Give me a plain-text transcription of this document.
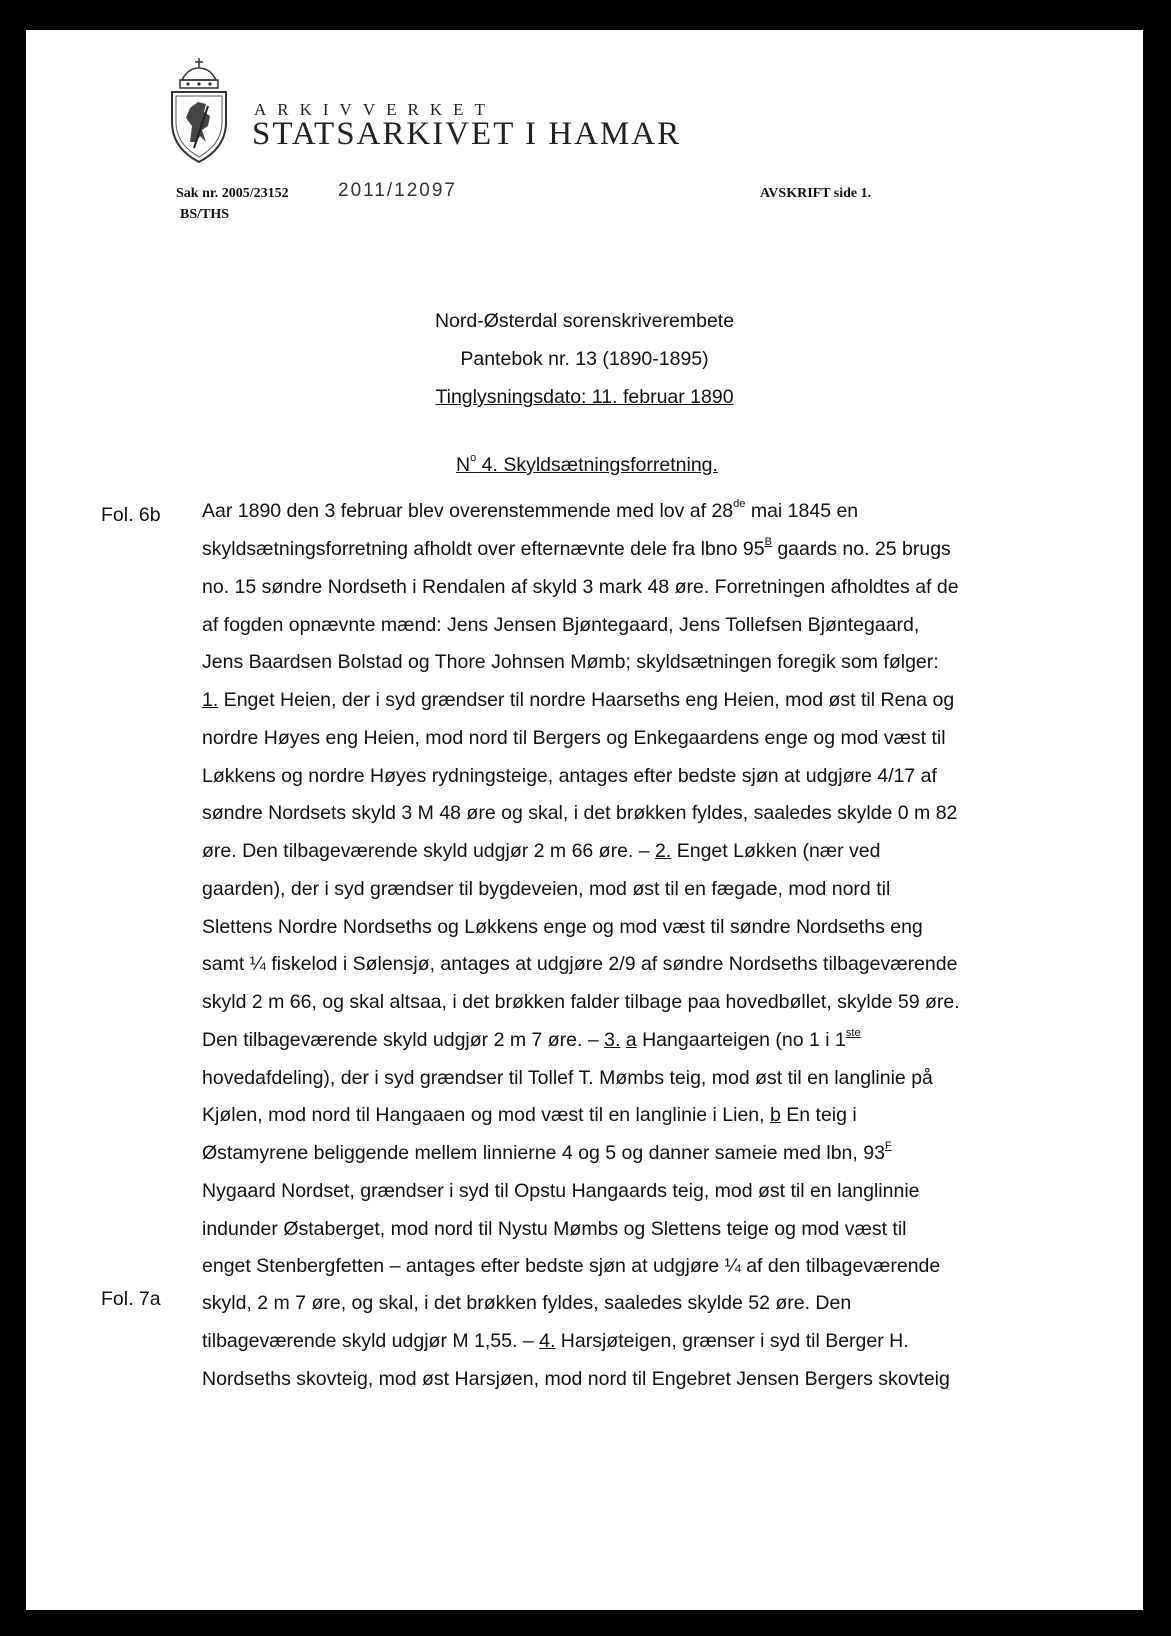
ARKIVVERKET
STATSARKIVET I HAMAR
Sak nr. 2005/23152	2011/12097
BS/THS
AVSKRIFT side 1.
Nord-Østerdal sorenskriverembete
Pantebok nr. 13 (1890-1895)
Tinglysningsdato: 11. februar 1890
$N^o$ 4. Skyldsætningsforretning.
Fol. 6b
Fol. 7a
Aar 1890 den 3 februar blev overenstemmende med lov af 28de mai 1845 en
skyldsætningsforretning afholdt over efternævnte dele fra lbno $95^B$ gaards no. 25 brugs
no. 15 søndre Nordseth i Rendalen af skyld 3 mark 48 øre. Forretningen afholdtes af de
af fogden opnævnte mænd: Jens Jensen Bjøntegaard, Jens Tollefsen Bjøntegaard,
Jens Baardsen Bolstad og Thore Johnsen Mømb; skyldsætningen foregik som følger:
1. Enget Heien, der i syd grændser til nordre Haarseths eng Heien, mod øst til Rena og
nordre Høyes eng Heien, mod nord til Bergers og Enkegaardens enge og mod væst til
Løkkens og nordre Høyes rydningsteige, antages efter bedste sjøn at udgjøre 4/17 af
søndre Nordsets skyld 3 M 48 øre og skal, i det brøkken fyldes, saaledes skylde 0 m 82
øre. Den tilbageværende skyld udgjør 2 m 66 øre. – 2. Enget Løkken (nær ved
gaarden), der i syd grændser til bygdeveien, mod øst til en fægade, mod nord til
Slettens Nordre Nordseths og Løkkens enge og mod væst til søndre Nordseths eng
samt ¼ fiskelod i Sølensjø, antages at udgjøre 2/9 af søndre Nordseths tilbageværende
skyld 2 m 66, og skal altsaa, i det brøkken falder tilbage paa hovedbøllet, skylde 59 øre.
Den tilbageværende skyld udgjør 2 m 7 øre. – 3. a Hangaarteigen (no 1 i 1ste
hovedafdeling), der i syd grændser til Tollef T. Mømbs teig, mod øst til en langlinie på
Kjølen, mod nord til Hangaaen og mod væst til en langlinie i Lien, b En teig i
Østamyrene beliggende mellem linnierne 4 og 5 og danner sameie med lbn, $93^F$
Nygaard Nordset, grændser i syd til Opstu Hangaards teig, mod øst til en langlinnie
indunder Østaberget, mod nord til Nystu Mømbs og Slettens teige og mod væst til
enget Stenbergfetten – antages efter bedste sjøn at udgjøre ¼ af den tilbageværende
skyld, 2 m 7 øre, og skal, i det brøkken fyldes, saaledes skylde 52 øre. Den
tilbageværende skyld udgjør M 1,55. – 4. Harsjøteigen, grænser i syd til Berger H.
Nordseths skovteig, mod øst Harsjøen, mod nord til Engebret Jensen Bergers skovteig
